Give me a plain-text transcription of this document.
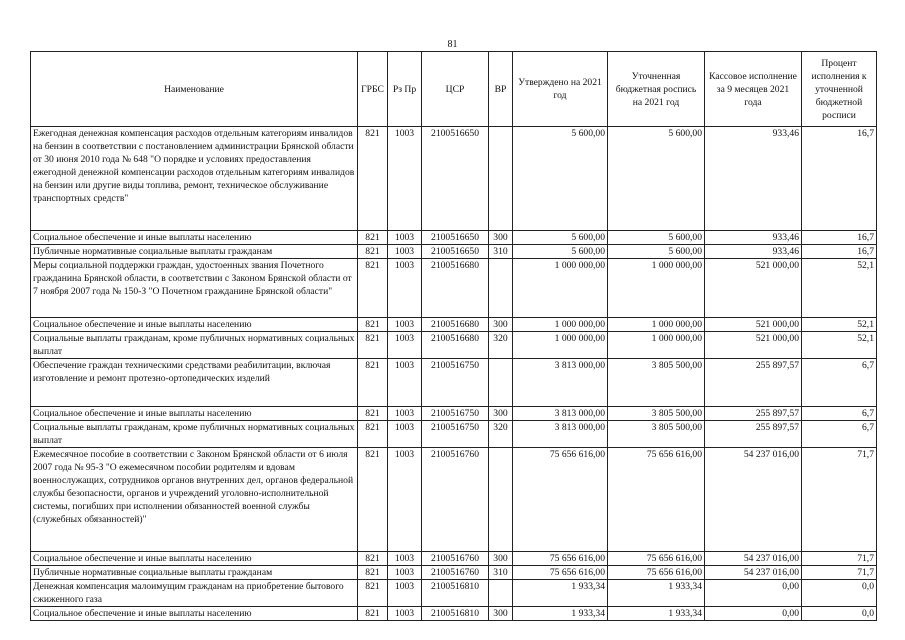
81
Наименование	ГРБС	Рз Пр	ЦСР	ВР	Утверждено на 2021 год	Уточненная бюджетная роспись на 2021 год	Кассовое исполнение за 9 месяцев 2021 года	Процент исполнения к уточненной бюджетной росписи
Ежегодная денежная компенсация расходов отдельным категориям инвалидов на бензин в соответствии с постановлением администрации Брянской области от 30 июня 2010 года № 648 "О порядке и условиях предоставления ежегодной денежной компенсации расходов отдельным категориям инвалидов на бензин или другие виды топлива, ремонт, техническое обслуживание транспортных средств"	821	1003	2100516650		5 600,00	5 600,00	933,46	16,7
Социальное обеспечение и иные выплаты населению	821	1003	2100516650	300	5 600,00	5 600,00	933,46	16,7
Публичные нормативные социальные выплаты гражданам	821	1003	2100516650	310	5 600,00	5 600,00	933,46	16,7
Меры социальной поддержки граждан, удостоенных звания Почетного гражданина Брянской области, в соответствии с Законом Брянской области от 7 ноября 2007 года № 150-З "О Почетном гражданине Брянской области"	821	1003	2100516680		1 000 000,00	1 000 000,00	521 000,00	52,1
Социальное обеспечение и иные выплаты населению	821	1003	2100516680	300	1 000 000,00	1 000 000,00	521 000,00	52,1
Социальные выплаты гражданам, кроме публичных нормативных социальных выплат	821	1003	2100516680	320	1 000 000,00	1 000 000,00	521 000,00	52,1
Обеспечение граждан техническими средствами реабилитации, включая изготовление и ремонт протезно-ортопедических изделий	821	1003	2100516750		3 813 000,00	3 805 500,00	255 897,57	6,7
Социальное обеспечение и иные выплаты населению	821	1003	2100516750	300	3 813 000,00	3 805 500,00	255 897,57	6,7
Социальные выплаты гражданам, кроме публичных нормативных социальных выплат	821	1003	2100516750	320	3 813 000,00	3 805 500,00	255 897,57	6,7
Ежемесячное пособие в соответствии с Законом Брянской области от 6 июля 2007 года № 95-З "О ежемесячном пособии родителям и вдовам военнослужащих, сотрудников органов внутренних дел, органов федеральной службы безопасности, органов и учреждений уголовно-исполнительной системы, погибших при исполнении обязанностей военной службы (служебных обязанностей)"	821	1003	2100516760		75 656 616,00	75 656 616,00	54 237 016,00	71,7
Социальное обеспечение и иные выплаты населению	821	1003	2100516760	300	75 656 616,00	75 656 616,00	54 237 016,00	71,7
Публичные нормативные социальные выплаты гражданам	821	1003	2100516760	310	75 656 616,00	75 656 616,00	54 237 016,00	71,7
Денежная компенсация малоимущим гражданам на приобретение бытового сжиженного газа	821	1003	2100516810		1 933,34	1 933,34	0,00	0,0
Социальное обеспечение и иные выплаты населению	821	1003	2100516810	300	1 933,34	1 933,34	0,00	0,0
